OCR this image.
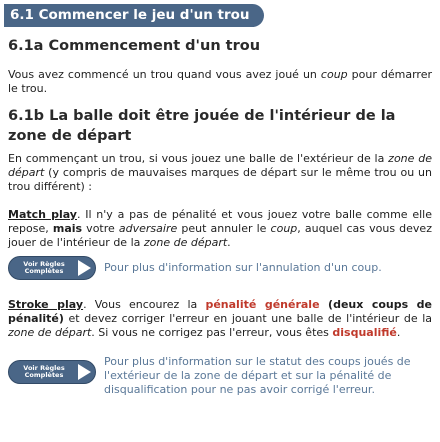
6.1 Commencer le jeu d'un trou
6.1a Commencement d'un trou

Vous avez commencé un trou quand vous avez joué un coup pour démarrer le trou.

6.1b La balle doit être jouée de l'intérieur de la zone de départ

En commençant un trou, si vous jouez une balle de l'extérieur de la zone de départ (y compris de mauvaises marques de départ sur le même trou ou un trou différent) :

Match play. Il n'y a pas de pénalité et vous jouez votre balle comme elle repose, mais votre adversaire peut annuler le coup, auquel cas vous devez jouer de l'intérieur de la zone de départ.

Voir Règles
Complètes	Pour plus d'information sur l'annulation d'un coup.

Stroke play. Vous encourez la pénalité générale (deux coups de pénalité) et devez corriger l'erreur en jouant une balle de l'intérieur de la zone de départ. Si vous ne corrigez pas l'erreur, vous êtes disqualifié.

Voir Règles
Complètes

Pour plus d'information sur le statut des coups joués de l'extérieur de la zone de départ et sur la pénalité de disqualification pour ne pas avoir corrigé l'erreur.
